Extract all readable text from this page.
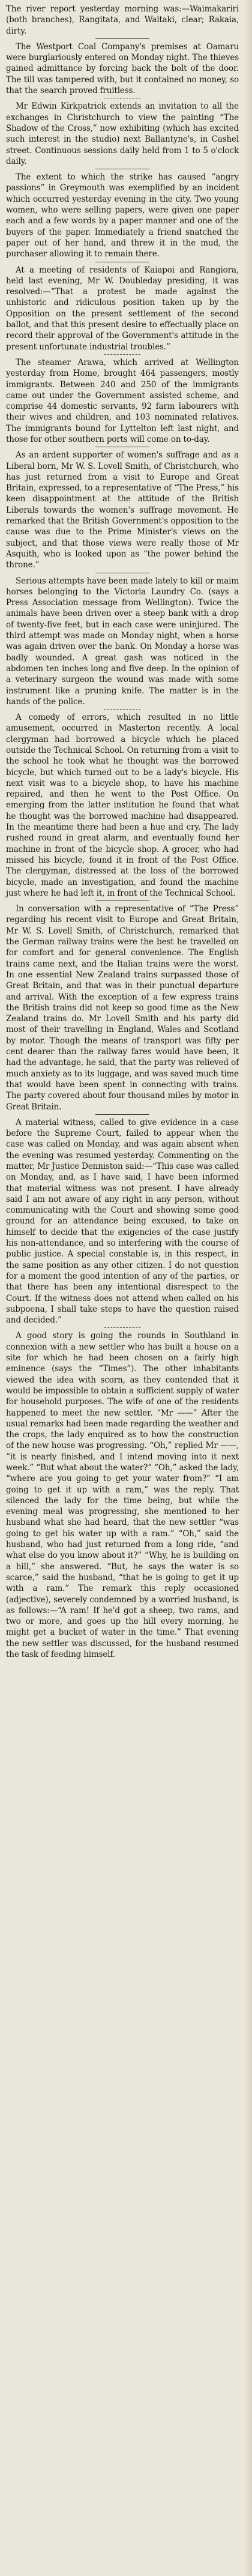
The river report yesterday morning was:—Waimakariri (both branches), Rangitata, and Waitaki, clear; Rakaia, dirty.

The Westport Coal Company's premises at Oamaru were burglariously entered on Monday night. The thieves gained admittance by forcing back the bolt of the door. The till was tampered with, but it contained no money, so that the search proved fruitless.

Mr Edwin Kirkpatrick extends an invitation to all the exchanges in Christchurch to view the painting “The Shadow of the Cross,” now exhibiting (which has excited such interest in the studio) next Ballantyne's, in Cashel street. Continuous sessions daily held from 1 to 5 o'clock daily.

The extent to which the strike has caused “angry passions” in Greymouth was exemplified by an incident which occurred yesterday evening in the city. Two young women, who were selling papers, were given one paper each and a few words by a paper manner and one of the buyers of the paper. Immediately a friend snatched the paper out of her hand, and threw it in the mud, the purchaser allowing it to remain there.

At a meeting of residents of Kaiapoi and Rangiora, held last evening, Mr W. Doubleday presiding, it was resolved:—“That a protest be made against the unhistoric and ridiculous position taken up by the Opposition on the present settlement of the second ballot, and that this present desire to effectually place on record their approval of the Government's attitude in the present unfortunate industrial troubles.”

The steamer Arawa, which arrived at Wellington yesterday from Home, brought 464 passengers, mostly immigrants. Between 240 and 250 of the immigrants came out under the Government assisted scheme, and comprise 44 domestic servants, 92 farm labourers with their wives and children, and 103 nominated relatives. The immigrants bound for Lyttelton left last night, and those for other southern ports will come on to-day.

As an ardent supporter of women's suffrage and as a Liberal born, Mr W. S. Lovell Smith, of Christchurch, who has just returned from a visit to Europe and Great Britain, expressed, to a representative of “The Press,” his keen disappointment at the attitude of the British Liberals towards the women's suffrage movement. He remarked that the British Government's opposition to the cause was due to the Prime Minister's views on the subject, and that those views were really those of Mr Asquith, who is looked upon as “the power behind the throne.”

Serious attempts have been made lately to kill or maim horses belonging to the Victoria Laundry Co. (says a Press Association message from Wellington). Twice the animals have been driven over a steep bank with a drop of twenty-five feet, but in each case were uninjured. The third attempt was made on Monday night, when a horse was again driven over the bank. On Monday a horse was badly wounded. A great gash was noticed in the abdomen ten inches long and five deep. In the opinion of a veterinary surgeon the wound was made with some instrument like a pruning knife. The matter is in the hands of the police.

A comedy of errors, which resulted in no little amusement, occurred in Masterton recently. A local clergyman had borrowed a bicycle which he placed outside the Technical School. On returning from a visit to the school he took what he thought was the borrowed bicycle, but which turned out to be a lady's bicycle. His next visit was to a bicycle shop, to have his machine repaired, and then he went to the Post Office. On emerging from the latter institution he found that what he thought was the borrowed machine had disappeared. In the meantime there had been a hue and cry. The lady rushed round in great alarm, and eventually found her machine in front of the bicycle shop. A grocer, who had missed his bicycle, found it in front of the Post Office. The clergyman, distressed at the loss of the borrowed bicycle, made an investigation, and found the machine just where he had left it, in front of the Technical School.

In conversation with a representative of “The Press” regarding his recent visit to Europe and Great Britain, Mr W. S. Lovell Smith, of Christchurch, remarked that the German railway trains were the best he travelled on for comfort and for general convenience. The English trains came next, and the Italian trains were the worst. In one essential New Zealand trains surpassed those of Great Britain, and that was in their punctual departure and arrival. With the exception of a few express trains the British trains did not keep so good time as the New Zealand trains do. Mr Lovell Smith and his party did most of their travelling in England, Wales and Scotland by motor. Though the means of transport was fifty per cent dearer than the railway fares would have been, it had the advantage, he said, that the party was relieved of much anxiety as to its luggage, and was saved much time that would have been spent in connecting with trains. The party covered about four thousand miles by motor in Great Britain.

A material witness, called to give evidence in a case before the Supreme Court, failed to appear when the case was called on Monday, and was again absent when the evening was resumed yesterday. Commenting on the matter, Mr Justice Denniston said:—“This case was called on Monday, and, as I have said, I have been informed that material witness was not present. I have already said I am not aware of any right in any person, without communicating with the Court and showing some good ground for an attendance being excused, to take on himself to decide that the exigencies of the case justify his non-attendance, and so interfering with the course of public justice. A special constable is, in this respect, in the same position as any other citizen. I do not question for a moment the good intention of any of the parties, or that there has been any intentional disrespect to the Court. If the witness does not attend when called on his subpoena, I shall take steps to have the question raised and decided.”

A good story is going the rounds in Southland in connexion with a new settler who has built a house on a site for which he had been chosen on a fairly high eminence (says the “Times”). The other inhabitants viewed the idea with scorn, as they contended that it would be impossible to obtain a sufficient supply of water for household purposes. The wife of one of the residents happened to meet the new settler. “Mr ——” After the usual remarks had been made regarding the weather and the crops, the lady enquired as to how the construction of the new house was progressing. “Oh,” replied Mr ——, “it is nearly finished, and I intend moving into it next week.” “But what about the water?” “Oh,” asked the lady, “where are you going to get your water from?” “I am going to get it up with a ram,” was the reply. That silenced the lady for the time being, but while the evening meal was progressing, she mentioned to her husband what she had heard, that the new settler “was going to get his water up with a ram.” “Oh,” said the husband, who had just returned from a long ride, “and what else do you know about it?” “Why, he is building on a hill,” she answered. “But, he says the water is so scarce,” said the husband, “that he is going to get it up with a ram.” The remark this reply occasioned (adjective), severely condemned by a worried husband, is as follows:—“A ram! If he'd got a sheep, two rams, and two or more, and goes up the hill every morning, he might get a bucket of water in the time.” That evening the new settler was discussed, for the husband resumed the task of feeding himself.
